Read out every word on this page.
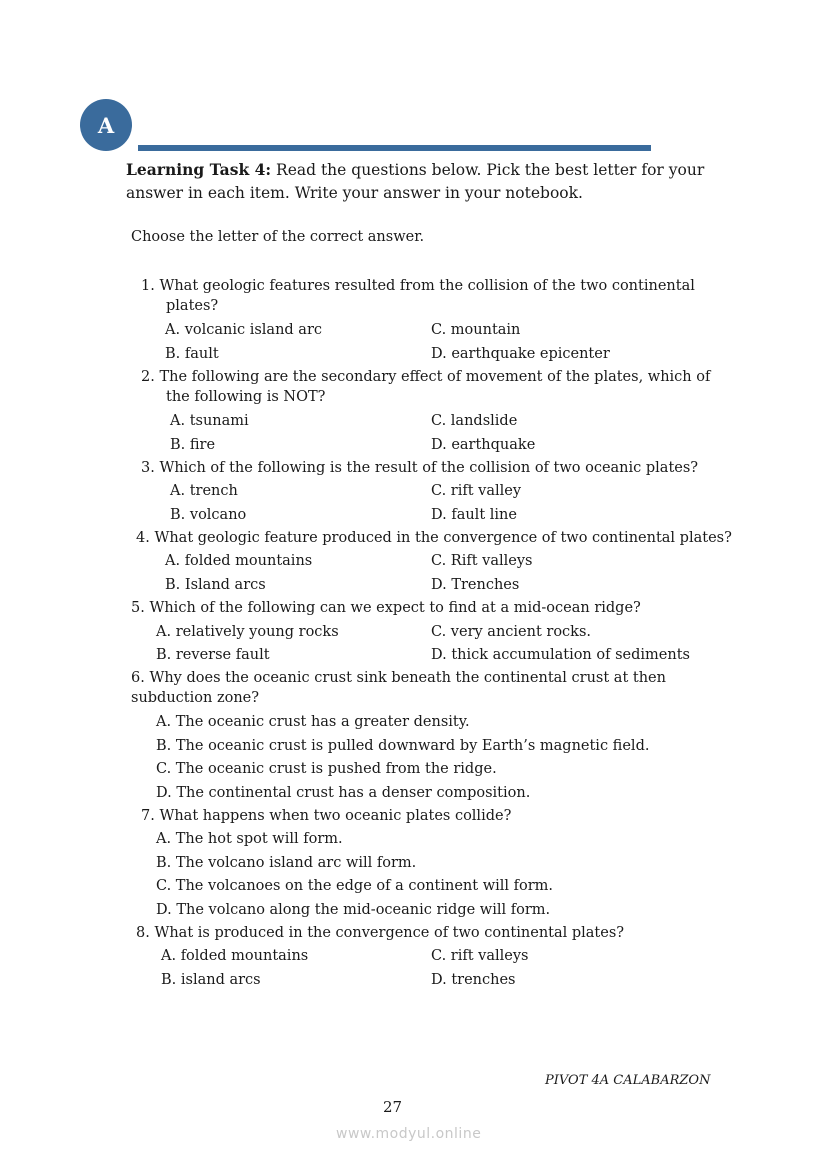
A
Learning Task 4: Read the questions below. Pick the best letter for your answer in each item. Write your answer in your notebook.
Choose the letter of the correct answer.
1. What geologic features resulted from the collision of the two continental
plates?
A. volcanic island arc	C. mountain
B. fault	D. earthquake epicenter
2. The following are the secondary effect of movement of the plates, which of
the following is NOT?
A. tsunami	C. landslide
B. fire	D. earthquake
3. Which of the following is the result of the collision of two oceanic plates?
A. trench	C. rift valley
B. volcano	D. fault line
4. What geologic feature produced in the convergence of two continental plates?
A. folded mountains	C. Rift valleys
B. Island arcs	D. Trenches
5. Which of the following can we expect to find at a mid-ocean ridge?
A. relatively young rocks	C. very ancient rocks.
B. reverse fault	D. thick accumulation of sediments
6. Why does the oceanic crust sink beneath the continental crust at then
subduction zone?
A. The oceanic crust has a greater density.
B. The oceanic crust is pulled downward by Earth’s magnetic field.
C. The oceanic crust is pushed from the ridge.
D. The continental crust has a denser composition.
7. What happens when two oceanic plates collide?
A. The hot spot will form.
B. The volcano island arc will form.
C. The volcanoes on the edge of a continent will form.
D. The volcano along the mid-oceanic ridge will form.
8. What is produced in the convergence of two continental plates?
A. folded mountains	C. rift valleys
B. island arcs	D. trenches
PIVOT 4A CALABARZON
27
www.modyul.online
